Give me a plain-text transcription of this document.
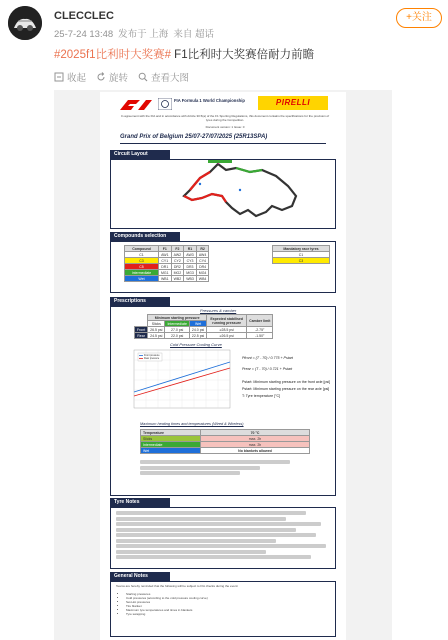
CLECCLEC
25-7-24 13:48 发布于 上海 来自 超话
+关注
#2025f1比利时大奖赛# F1比利时大奖赛倍耐力前瞻
收起 旋转 查看大图
FIA Formula 1 World Championship	PIRELLI
In agreement with the FIA and in accordance with Article 30.5(a) of the F1 Sporting Regulations, this document contains the specifications for the provision of tyres during the Competition.
Document version: 1 Issue: 0
Grand Prix of Belgium 25/07-27/07/2025 (25R13SPA)
Circuit Layout
Compounds selection
Compound	F1	F2	R1	R2
C1	AW1	AW2	AW3	AW4
C3	CY1	CY2	CY3	CY4
C5	DR1	DR2	DR3	DR4
Intermediate	MG1	MG2	MG3	MG4
Wet	WB1	WB2	WB3	WB4
Mandatory race tyres
C1
C3
Prescriptions
Pressures & camber
	Minimum starting pressure			Expected stabilised running pressure	Camber limit
	Slicks	Intermediate	Wet		
Front	26.5 psi	27.0 psi	24.0 psi	≥28.5 psi	-2.75°
Rear	24.5 psi	22.0 psi	22.5 psi	≥26.5 psi	-1.50°
Cold Pressure Cooling Curve
Front pressure
Rear pressure	Pfront = (T - 70) / 0.775 + Pstart
Prear = (T - 70) / 0.721 + Pstart
Pstart: Minimum starting pressure on the front axle [psi]
Pstart: Minimum starting pressure on the rear axle [psi]
T: Tyre temperature [°C]
Maximum heating times and temperatures (Wired & Wireless)
Temperature	70 °C
Slicks	max. 2h
Intermediate	max. 2h
Wet	No blankets allowed
Tyre Notes
General Notes
Teams are hereby reminded that the following will be subject to FIA checks during the event:
• Starting pressures
• Cold pressures (according to the cold pressure cooling curve)
• Set-Hot pressures
• Tire blanket
• Maximum tyre temperatures and times in blankets
• Tyre swapping
